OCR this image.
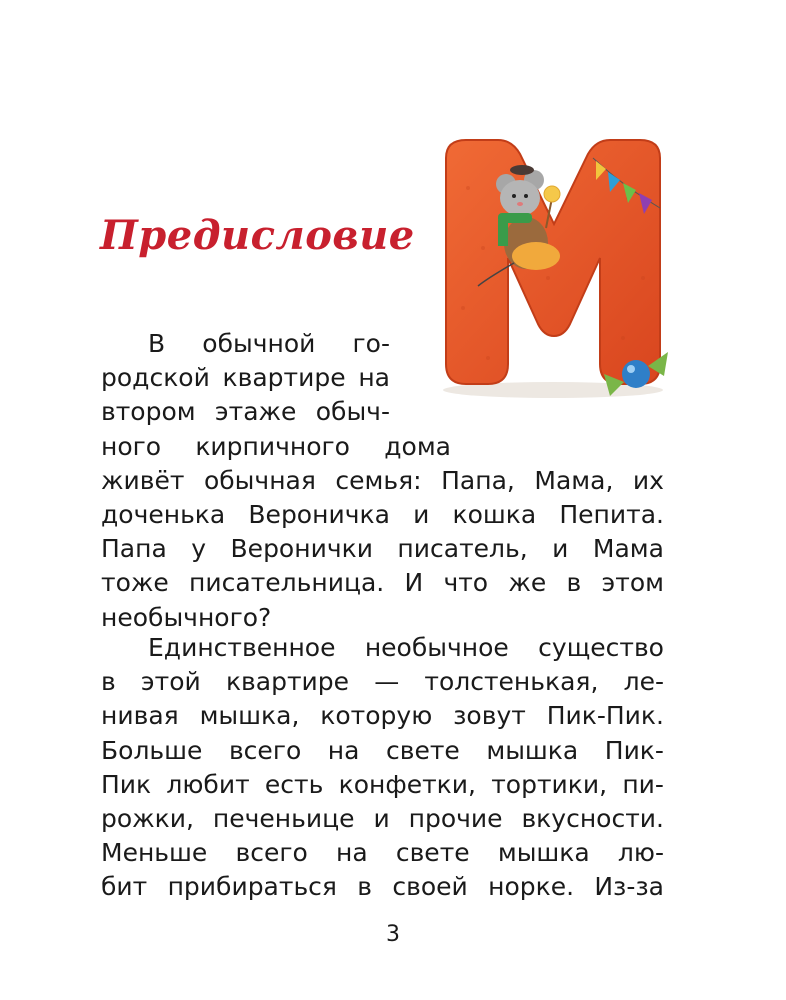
Предисловие
В обычной го-
родской квартире на
втором этаже обыч-
ного кирпичного дома
живёт обычная семья: Папа, Мама, их
доченька Вероничка и кошка Пепита.
Папа у Веронички писатель, и Мама
тоже писательница. И что же в этом
необычного?
Единственное необычное существо
в этой квартире — толстенькая, ле-
нивая мышка, которую зовут Пик-Пик.
Больше всего на свете мышка Пик-
Пик любит есть конфетки, тортики, пи-
рожки, печеньице и прочие вкусности.
Меньше всего на свете мышка лю-
бит прибираться в своей норке. Из-за
3
